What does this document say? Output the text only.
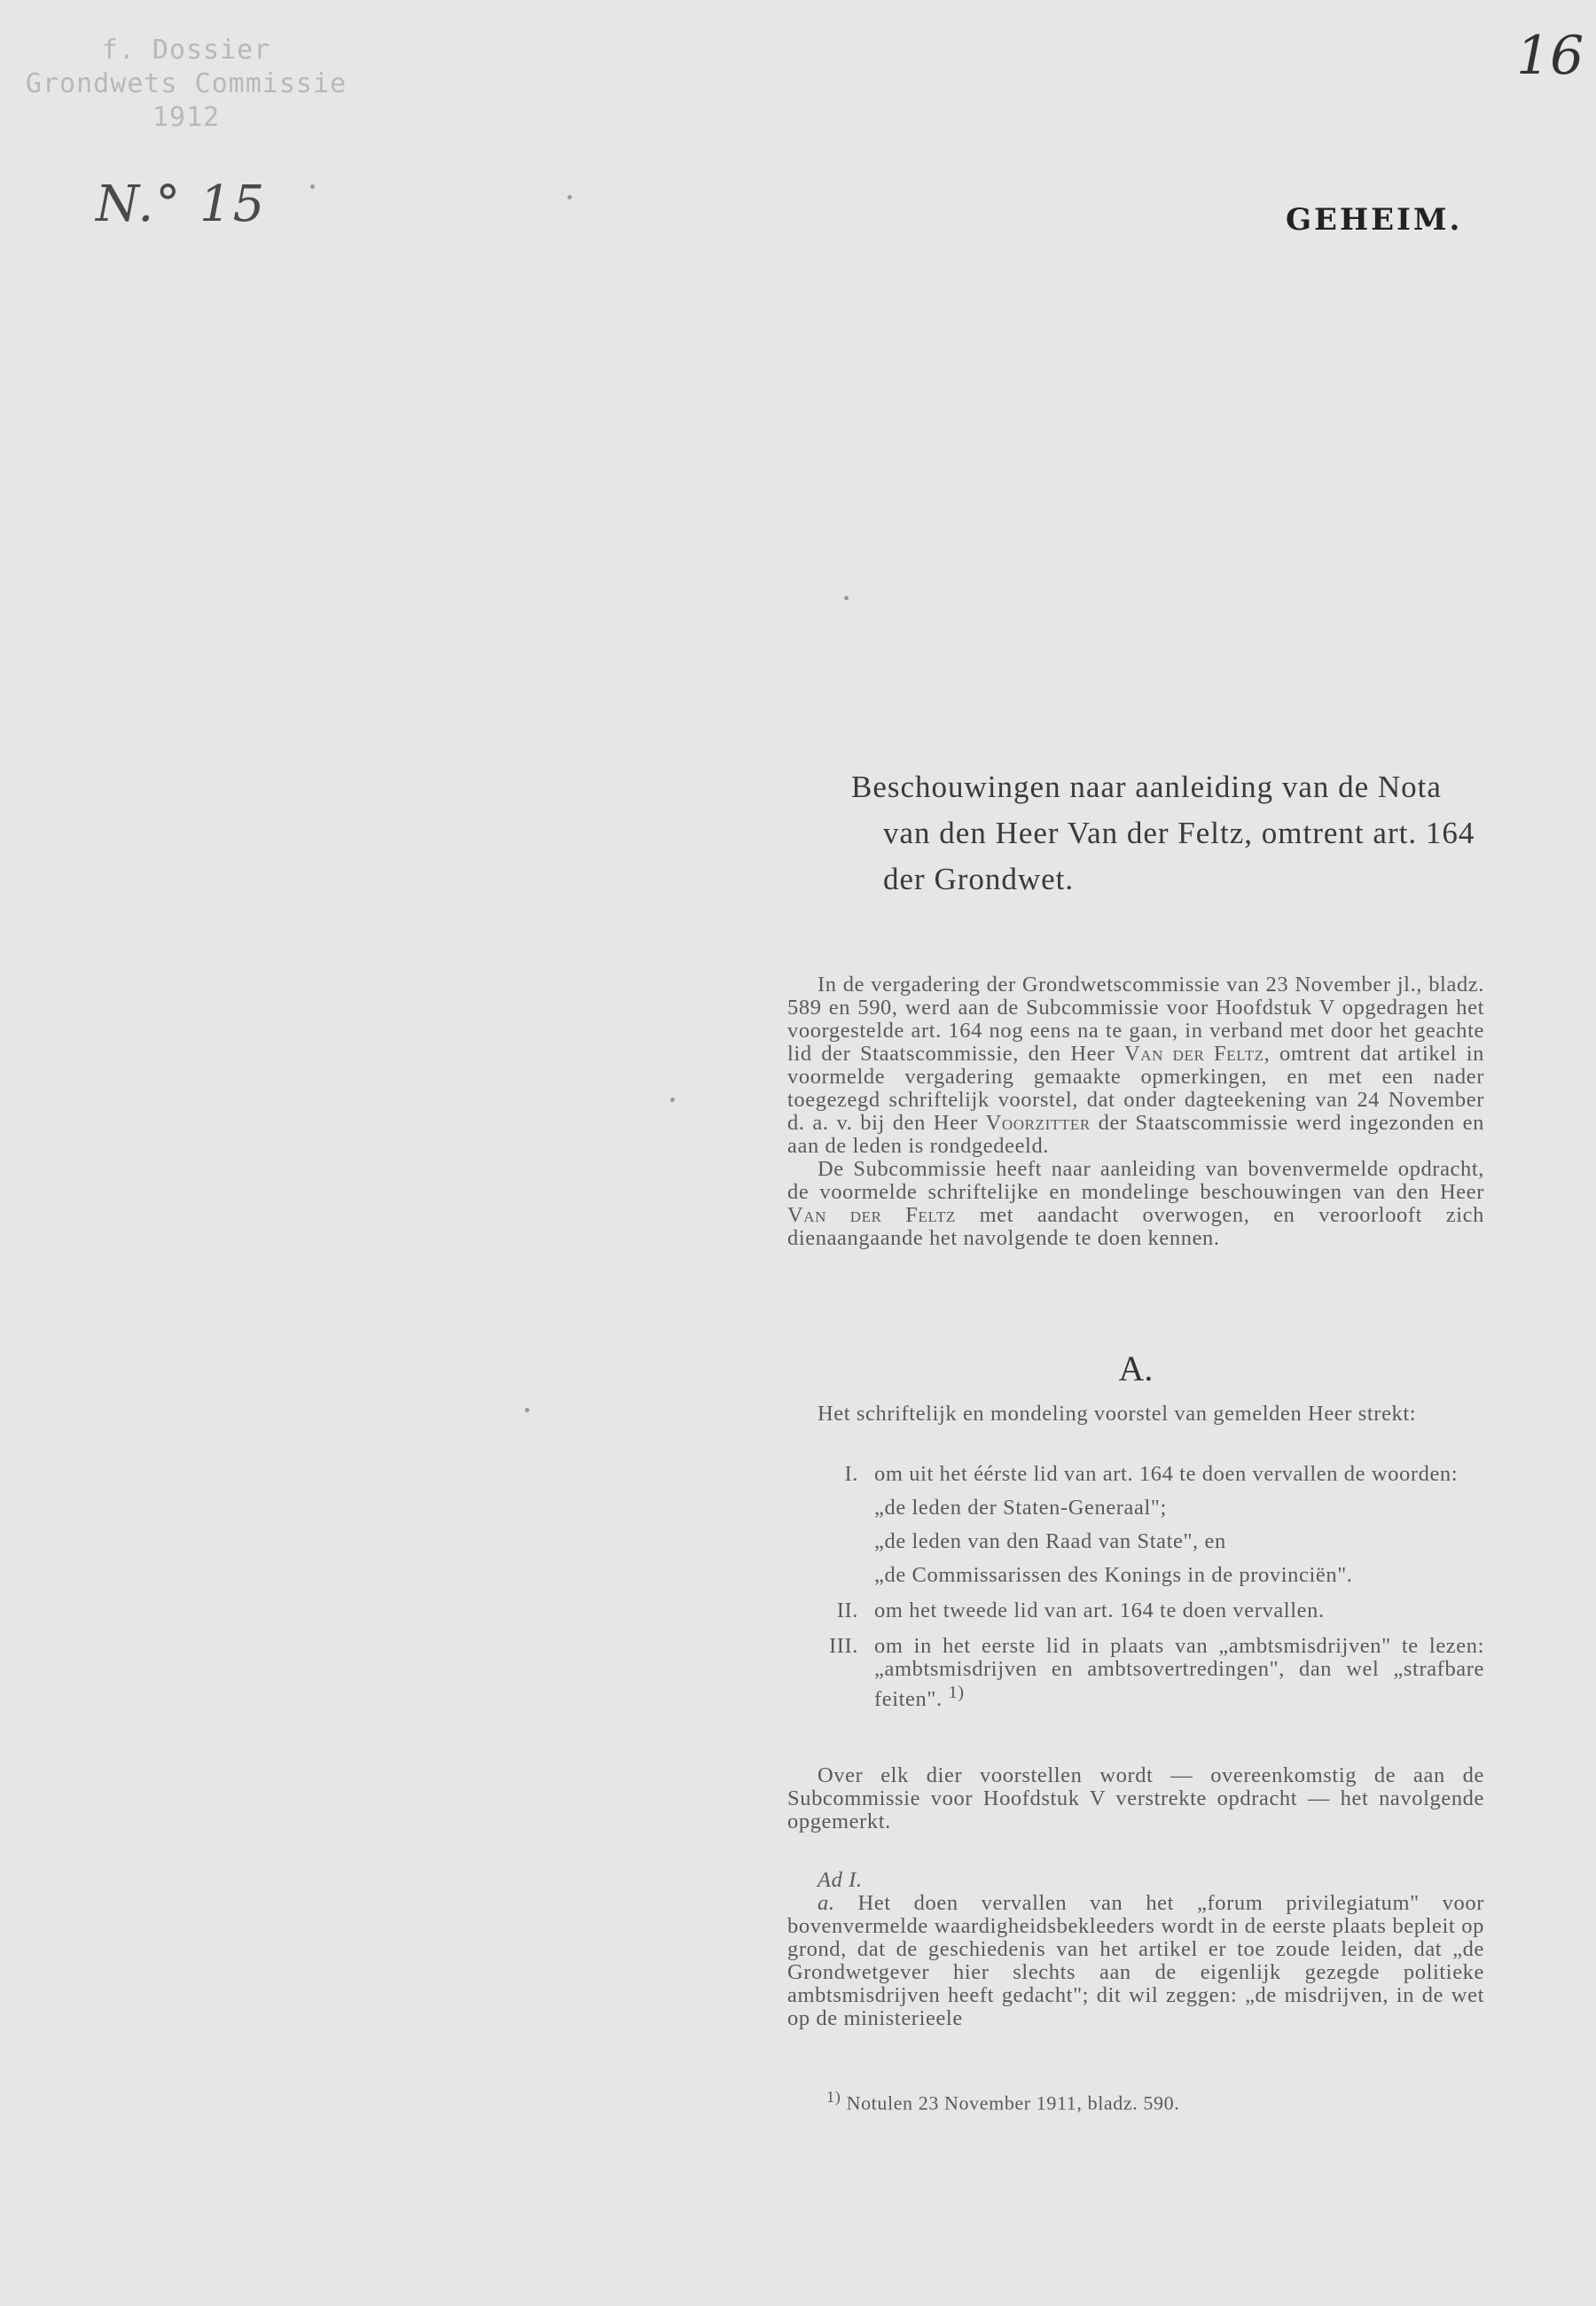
f. Dossier
Grondwets Commissie
1912
N.° 15
16
GEHEIM.
Beschouwingen naar aanleiding van de Nota
van den Heer Van der Feltz, omtrent art. 164
der Grondwet.

In de vergadering der Grondwetscommissie van 23 November jl., bladz. 589 en 590, werd aan de Subcommissie voor Hoofdstuk V opgedragen het voorgestelde art. 164 nog eens na te gaan, in verband met door het geachte lid der Staatscommissie, den Heer Van der Feltz, omtrent dat artikel in voormelde vergadering gemaakte opmerkingen, en met een nader toegezegd schriftelijk voorstel, dat onder dagteekening van 24 November d. a. v. bij den Heer Voorzitter der Staatscommissie werd ingezonden en aan de leden is rondgedeeld.

De Subcommissie heeft naar aanleiding van bovenvermelde opdracht, de voormelde schriftelijke en mondelinge beschouwingen van den Heer Van der Feltz met aandacht overwogen, en veroorlooft zich dienaangaande het navolgende te doen kennen.

A.

Het schriftelijk en mondeling voorstel van gemelden Heer strekt:

I. om uit het éérste lid van art. 164 te doen vervallen de woorden:
„de leden der Staten-Generaal";
„de leden van den Raad van State", en
„de Commissarissen des Konings in de provinciën".
II. om het tweede lid van art. 164 te doen vervallen.
III. om in het eerste lid in plaats van „ambtsmisdrijven" te lezen: „ambtsmisdrijven en ambtsovertredingen", dan wel „strafbare feiten". $^{1)}$

Over elk dier voorstellen wordt — overeenkomstig de aan de Subcommissie voor Hoofdstuk V verstrekte opdracht — het navolgende opgemerkt.

Ad I.

a. Het doen vervallen van het „forum privilegiatum" voor bovenvermelde waardigheidsbekleeders wordt in de eerste plaats bepleit op grond, dat de geschiedenis van het artikel er toe zoude leiden, dat „de Grondwetgever hier slechts aan de eigenlijk gezegde politieke ambtsmisdrijven heeft gedacht"; dit wil zeggen: „de misdrijven, in de wet op de ministerieele

$^{1)}$ Notulen 23 November 1911, bladz. 590.
